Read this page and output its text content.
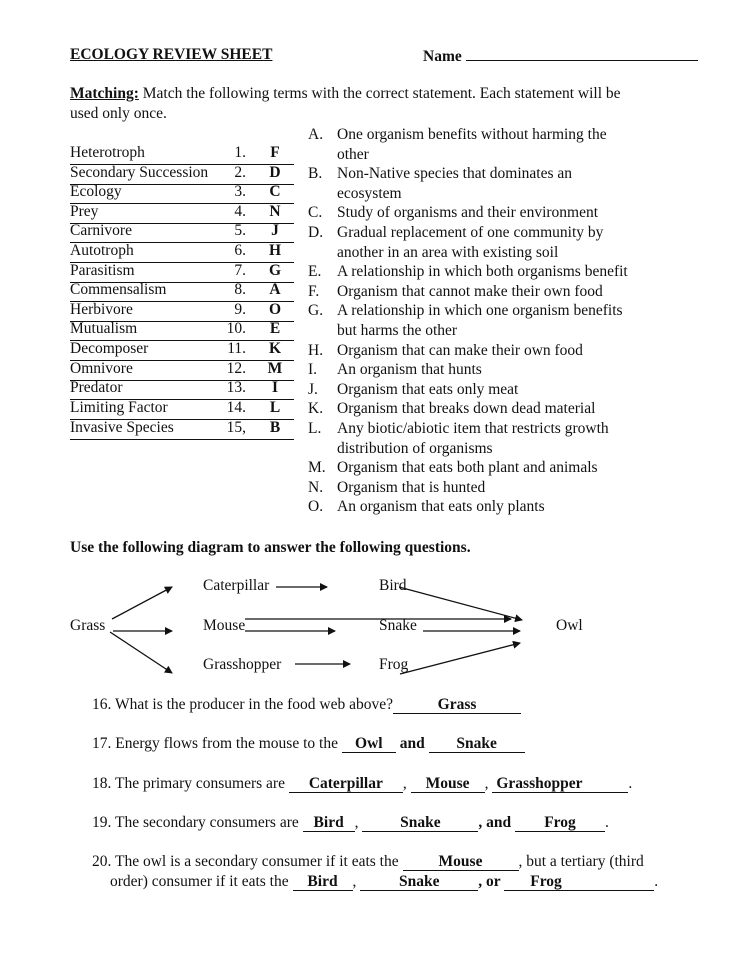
ECOLOGY REVIEW SHEET	Name
Matching: Match the following terms with the correct statement. Each statement will be
used only once.
Heterotroph	1.	F
Secondary Succession 2.	D
Ecology	3.	C
Prey	4.	N
Carnivore	5.	J
Autotroph	6.	H
Parasitism	7.	G
Commensalism	8.	A
Herbivore	9.	O
Mutualism	10.	E
Decomposer	11.	K
Omnivore	12.	M
Predator	13.	I
Limiting Factor	14.	L
Invasive Species	15,	B
A. One organism benefits without harming the
other
B. Non-Native species that dominates an
ecosystem
C. Study of organisms and their environment
D. Gradual replacement of one community by
another in an area with existing soil
E. A relationship in which both organisms benefit
F. Organism that cannot make their own food
G. A relationship in which one organism benefits
but harms the other
H. Organism that can make their own food
I. An organism that hunts
J. Organism that eats only meat
K. Organism that breaks down dead material
L. Any biotic/abiotic item that restricts growth
distribution of organisms
M. Organism that eats both plant and animals
N. Organism that is hunted
O. An organism that eats only plants
Use the following diagram to answer the following questions.
Grass
Caterpillar
Mouse
Grasshopper
Bird
Snake
Frog
Owl
16. What is the producer in the food web above?	Grass
17. Energy flows from the mouse to the Owl and Snake
18. The primary consumers are Caterpillar , Mouse , Grasshopper	.
19. The secondary consumers are Bird , Snake , and Frog .
20. The owl is a secondary consumer if it eats the Mouse , but a tertiary (third
order) consumer if it eats the Bird ,	Snake	, or Frog	.
